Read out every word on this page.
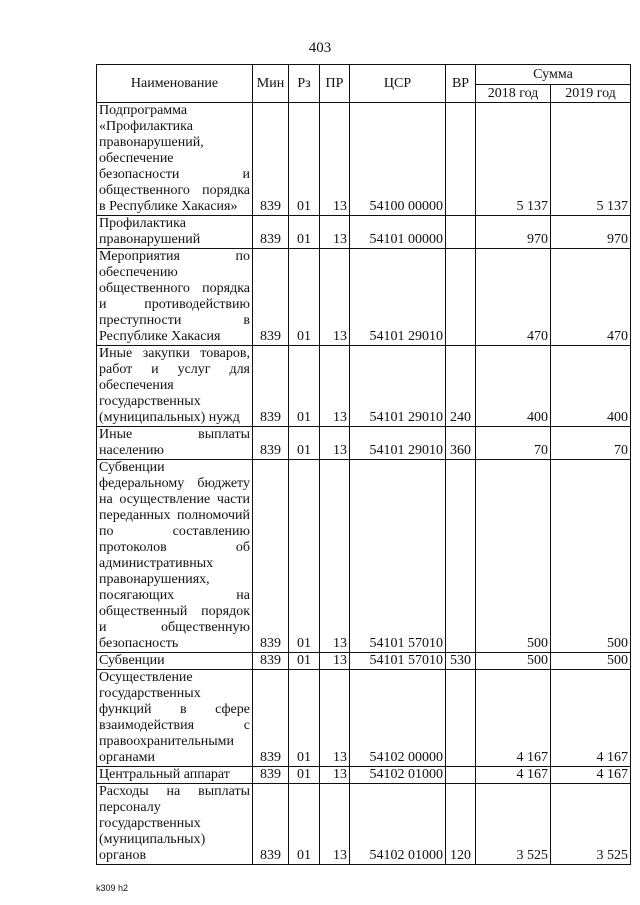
403
Наименование	Мин	Рз	ПР	ЦСР	ВР	Сумма	
						2018 год	2019 год
Подпрограмма «Профилактика правонарушений, обеспечение безопасности и общественного порядка в Республике Хакасия»	839	01	13	54100 00000		5 137	5 137
Профилактика правонарушений	839	01	13	54101 00000		970	970
Мероприятия по обеспечению общественного порядка и противодействию преступности в Республике Хакасия	839	01	13	54101 29010		470	470
Иные закупки товаров, работ и услуг для обеспечения государственных (муниципальных) нужд	839	01	13	54101 29010	240	400	400
Иные выплаты населению	839	01	13	54101 29010	360	70	70
Субвенции федеральному бюджету на осуществление части переданных полномочий по составлению протоколов об административных правонарушениях, посягающих на общественный порядок и общественную безопасность	839	01	13	54101 57010		500	500
Субвенции	839	01	13	54101 57010	530	500	500
Осуществление государственных функций в сфере взаимодействия с правоохранительными органами	839	01	13	54102 00000		4 167	4 167
Центральный аппарат	839	01	13	54102 01000		4 167	4 167
Расходы на выплаты персоналу государственных (муниципальных) органов	839	01	13	54102 01000	120	3 525	3 525
k309 h2
